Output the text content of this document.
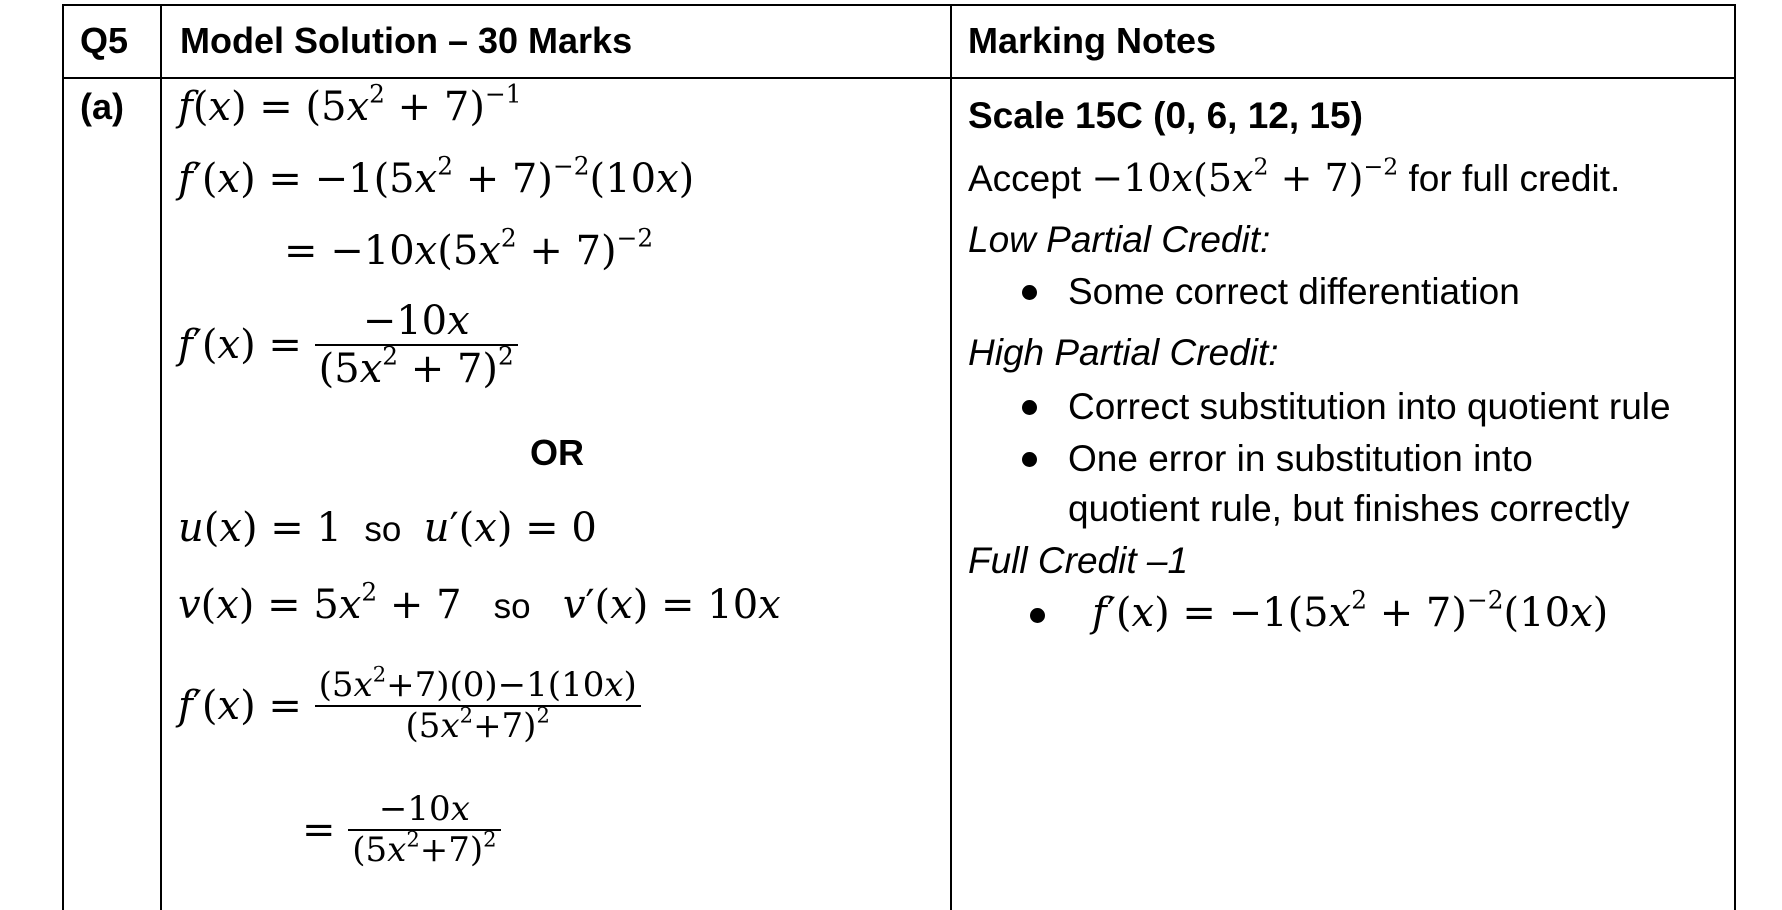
Q5 Model Solution – 30 Marks	Marking Notes
(a) $f(x) = (5x^2 + 7)^{-1}$
$f'(x) = -1(5x^2 + 7)^{-2}(10x)$
= $-10x(5x^2 + 7)^{-2}$
$f'(x) = \frac{-10x}{(5x^2 + 7)^2}$
OR
u(x) = 1  so  u′(x) = 0
$v(x) = 5x^2 + 7$   so   v′(x) = 10x
$f'(x) = \frac{(5x^2+7)(0)-1(10x)}{(5x^2+7)^2}$
= $\frac{-10x}{(5x^2+7)^2}$
Scale 15C (0, 6, 12, 15)
Accept $-10x(5x^2 + 7)^{-2}$ for full credit.
Low Partial Credit:
Some correct differentiation
High Partial Credit:
Correct substitution into quotient rule
One error in substitution into
quotient rule, but finishes correctly
Full Credit –1
$f'(x) = -1(5x^2 + 7)^{-2}(10x)$
